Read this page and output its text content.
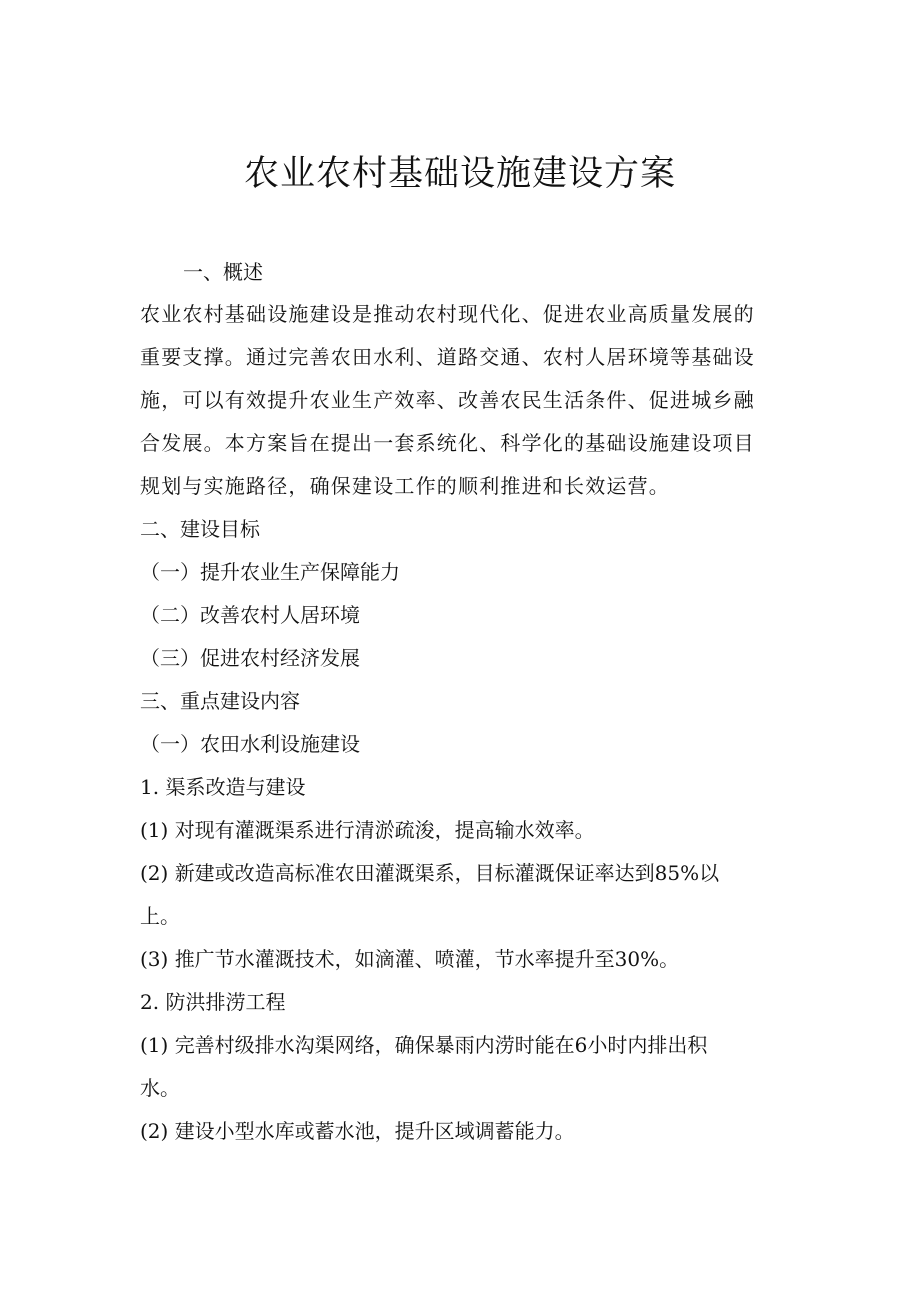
农业农村基础设施建设方案
一、概述
农业农村基础设施建设是推动农村现代化、促进农业高质量发展的
重要支撑。通过完善农田水利、道路交通、农村人居环境等基础设
施，可以有效提升农业生产效率、改善农民生活条件、促进城乡融
合发展。本方案旨在提出一套系统化、科学化的基础设施建设项目
规划与实施路径，确保建设工作的顺利推进和长效运营。
二、建设目标
（一）提升农业生产保障能力
（二）改善农村人居环境
（三）促进农村经济发展
三、重点建设内容
（一）农田水利设施建设
1. 渠系改造与建设
(1) 对现有灌溉渠系进行清淤疏浚，提高输水效率。
(2) 新建或改造高标准农田灌溉渠系，目标灌溉保证率达到85%以
上。
(3) 推广节水灌溉技术，如滴灌、喷灌，节水率提升至30%。
2. 防洪排涝工程
(1) 完善村级排水沟渠网络，确保暴雨内涝时能在6小时内排出积
水。
(2) 建设小型水库或蓄水池，提升区域调蓄能力。
